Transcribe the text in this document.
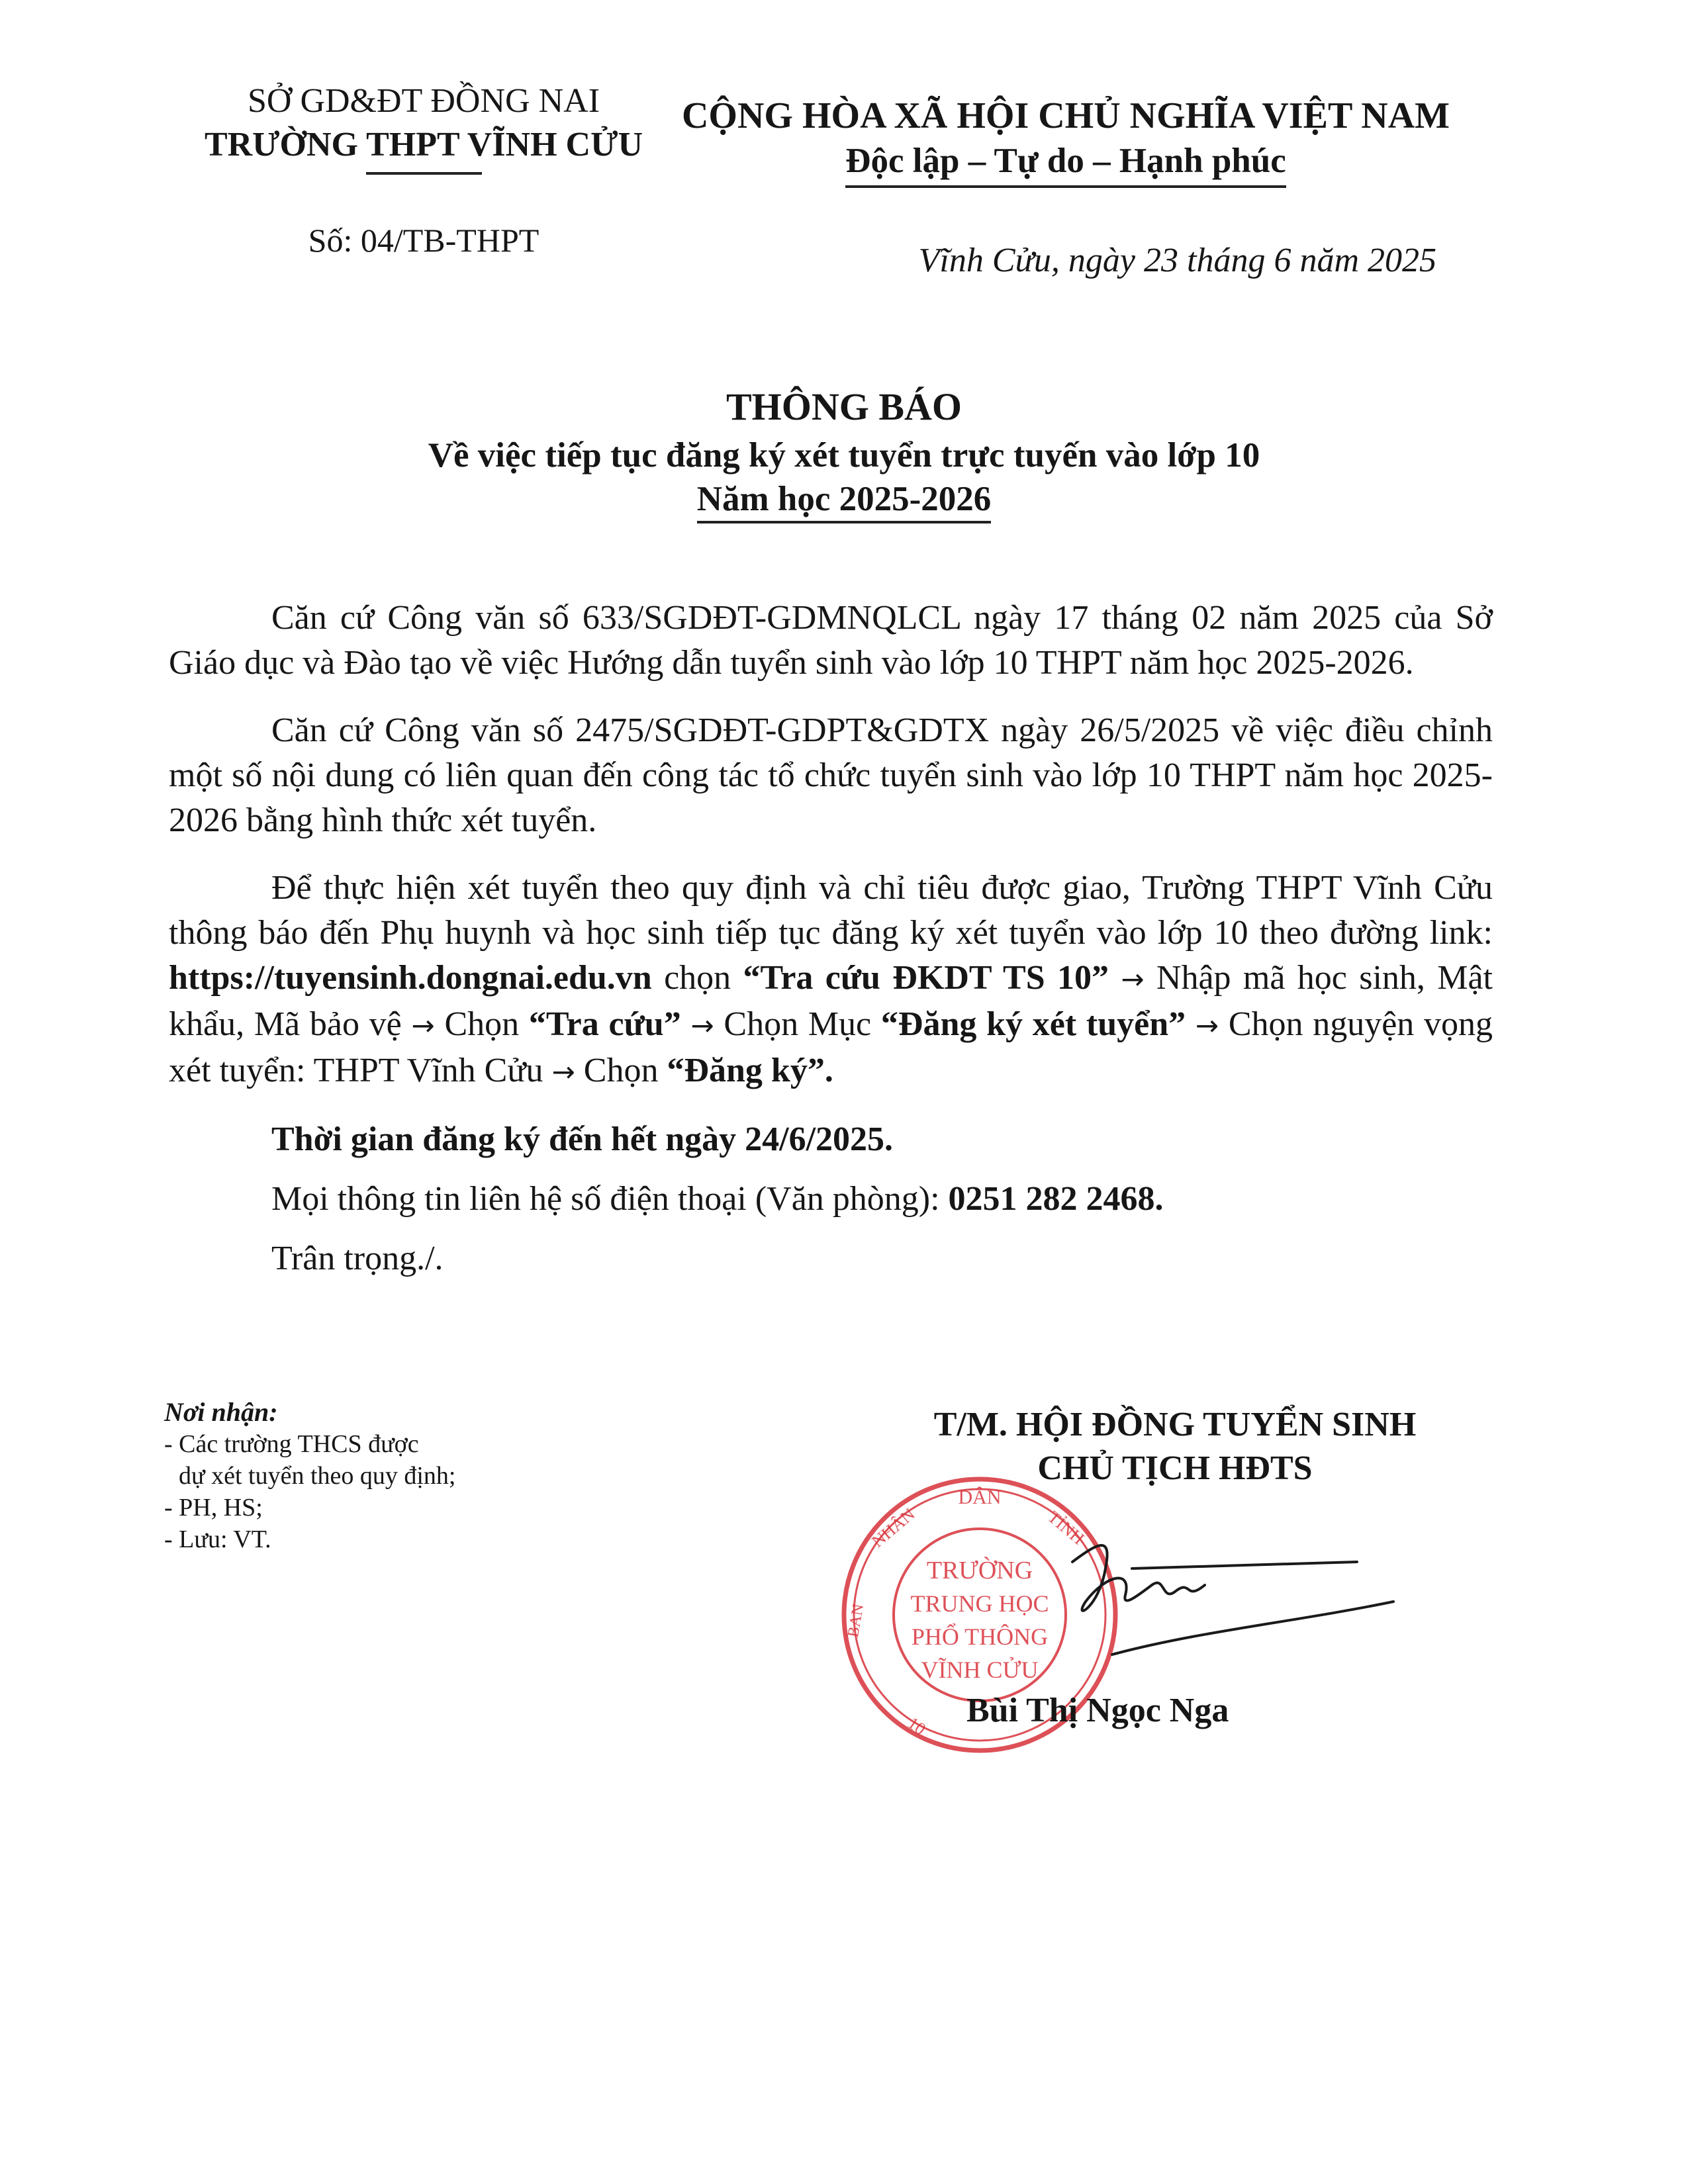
SỞ GD&ĐT ĐỒNG NAI
TRƯỜNG THPT VĨNH CỬU
Số: 04/TB-THPT
CỘNG HÒA XÃ HỘI CHỦ NGHĨA VIỆT NAM
Độc lập – Tự do – Hạnh phúc
Vĩnh Cửu, ngày 23 tháng 6 năm 2025
THÔNG BÁO
Về việc tiếp tục đăng ký xét tuyển trực tuyến vào lớp 10
Năm học 2025-2026

Căn cứ Công văn số 633/SGDĐT-GDMNQLCL ngày 17 tháng 02 năm 2025 của Sở Giáo dục và Đào tạo về việc Hướng dẫn tuyển sinh vào lớp 10 THPT năm học 2025-2026.

Căn cứ Công văn số 2475/SGDĐT-GDPT&GDTX ngày 26/5/2025 về việc điều chỉnh một số nội dung có liên quan đến công tác tổ chức tuyển sinh vào lớp 10 THPT năm học 2025-2026 bằng hình thức xét tuyển.

Để thực hiện xét tuyển theo quy định và chỉ tiêu được giao, Trường THPT Vĩnh Cửu thông báo đến Phụ huynh và học sinh tiếp tục đăng ký xét tuyển vào lớp 10 theo đường link: https://tuyensinh.dongnai.edu.vn chọn “Tra cứu ĐKDT TS 10” → Nhập mã học sinh, Mật khẩu, Mã bảo vệ → Chọn “Tra cứu” → Chọn Mục “Đăng ký xét tuyển” → Chọn nguyện vọng xét tuyển: THPT Vĩnh Cửu → Chọn “Đăng ký”.

Thời gian đăng ký đến hết ngày 24/6/2025.

Mọi thông tin liên hệ số điện thoại (Văn phòng): 0251 282 2468.

Trân trọng./.

Nơi nhận:
- Các trường THCS được
dự xét tuyển theo quy định;
- PH, HS;
- Lưu: VT.
T/M. HỘI ĐỒNG TUYỂN SINH
CHỦ TỊCH HĐTS
DÂN
NHÂN	TỈNH
BAN
10
TRƯỜNG
TRUNG HỌC
PHỔ THÔNG
VĨNH CỬU
Bùi Thị Ngọc Nga
